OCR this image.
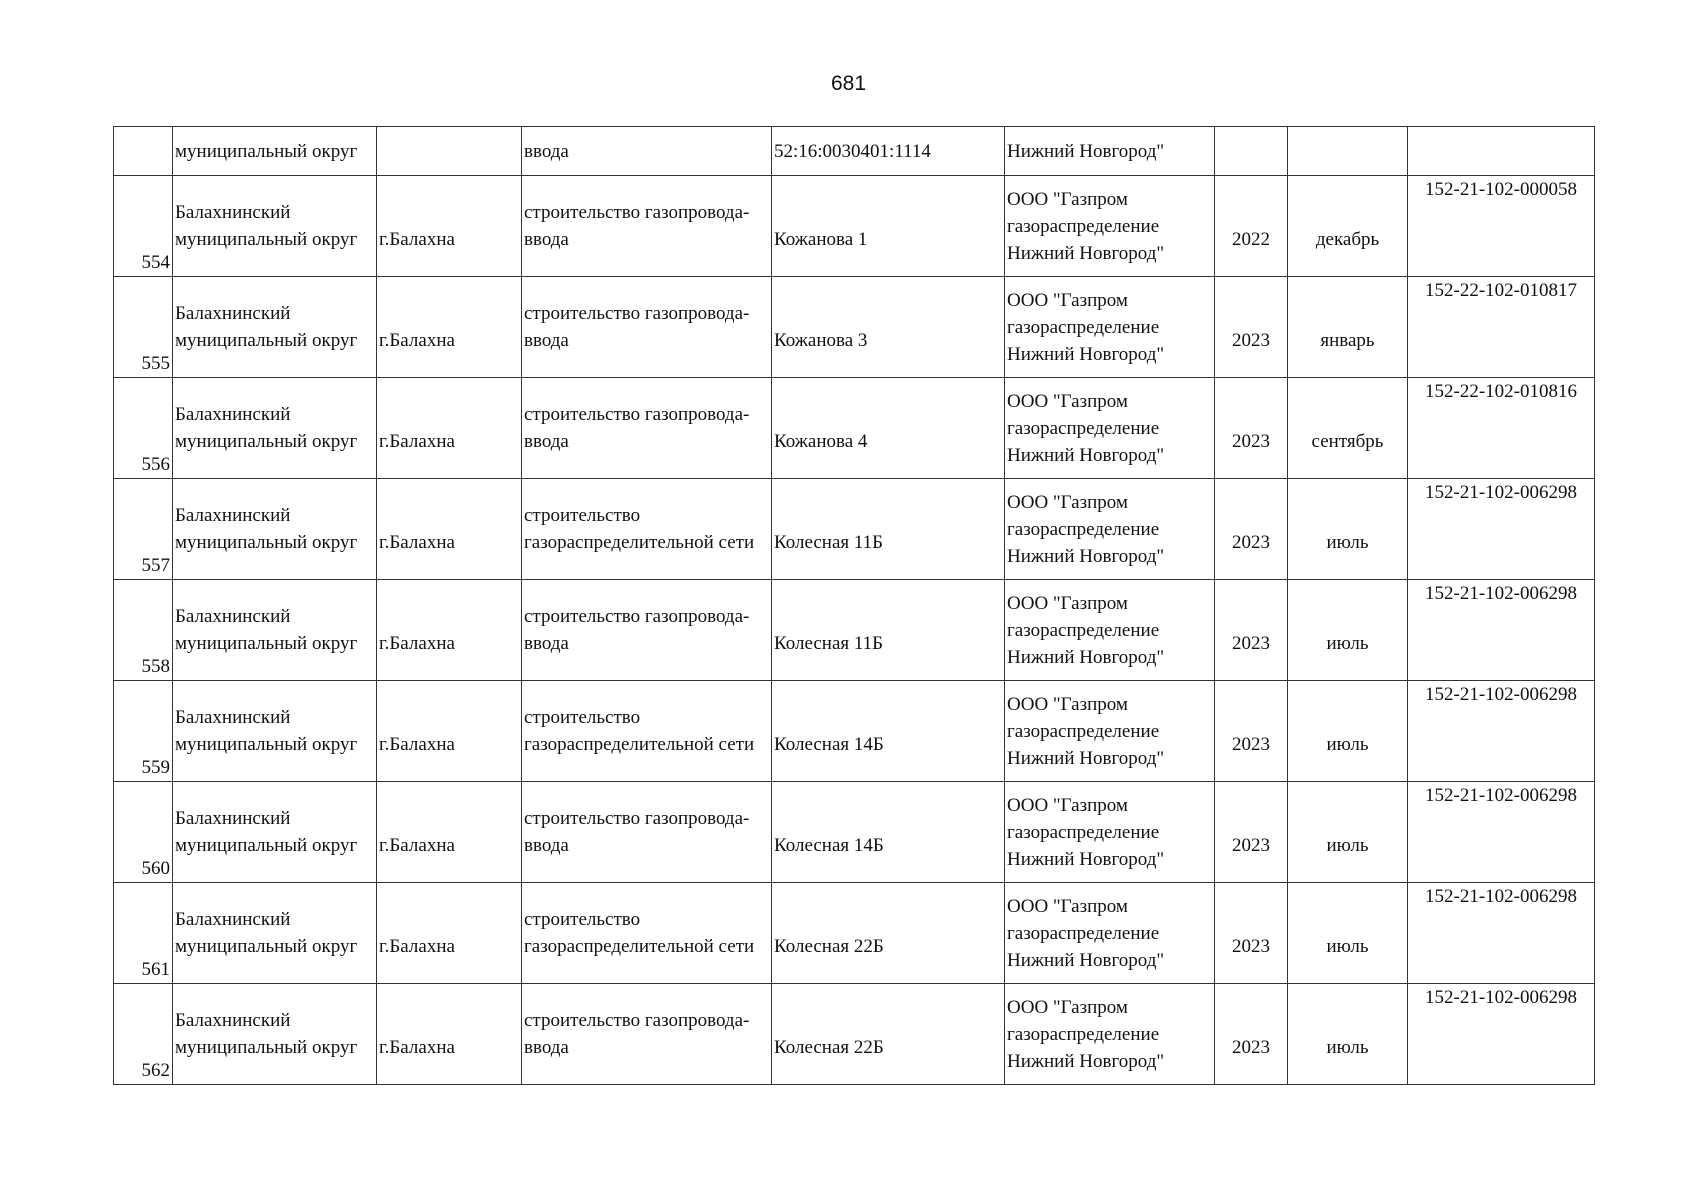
681
	муниципальный округ		ввода	52:16:0030401:1114	Нижний Новгород"			

554	Балахнинский
муниципальный округ	г.Балахна	строительство газопровода-
ввода	Кожанова 1	ООО "Газпром
газораспределение
Нижний Новгород"	2022	декабрь	152-21-102-000058

555	Балахнинский
муниципальный округ	г.Балахна	строительство газопровода-
ввода	Кожанова 3	ООО "Газпром
газораспределение
Нижний Новгород"	2023	январь	152-22-102-010817

556	Балахнинский
муниципальный округ	г.Балахна	строительство газопровода-
ввода	Кожанова 4	ООО "Газпром
газораспределение
Нижний Новгород"	2023	сентябрь	152-22-102-010816

557	Балахнинский
муниципальный округ	г.Балахна	строительство
газораспределительной сети	Колесная 11Б	ООО "Газпром
газораспределение
Нижний Новгород"	2023	июль	152-21-102-006298

558	Балахнинский
муниципальный округ	г.Балахна	строительство газопровода-
ввода	Колесная 11Б	ООО "Газпром
газораспределение
Нижний Новгород"	2023	июль	152-21-102-006298

559	Балахнинский
муниципальный округ	г.Балахна	строительство
газораспределительной сети	Колесная 14Б	ООО "Газпром
газораспределение
Нижний Новгород"	2023	июль	152-21-102-006298

560	Балахнинский
муниципальный округ	г.Балахна	строительство газопровода-
ввода	Колесная 14Б	ООО "Газпром
газораспределение
Нижний Новгород"	2023	июль	152-21-102-006298

561	Балахнинский
муниципальный округ	г.Балахна	строительство
газораспределительной сети	Колесная 22Б	ООО "Газпром
газораспределение
Нижний Новгород"	2023	июль	152-21-102-006298

562	Балахнинский
муниципальный округ	г.Балахна	строительство газопровода-
ввода	Колесная 22Б	ООО "Газпром
газораспределение
Нижний Новгород"	2023	июль	152-21-102-006298
